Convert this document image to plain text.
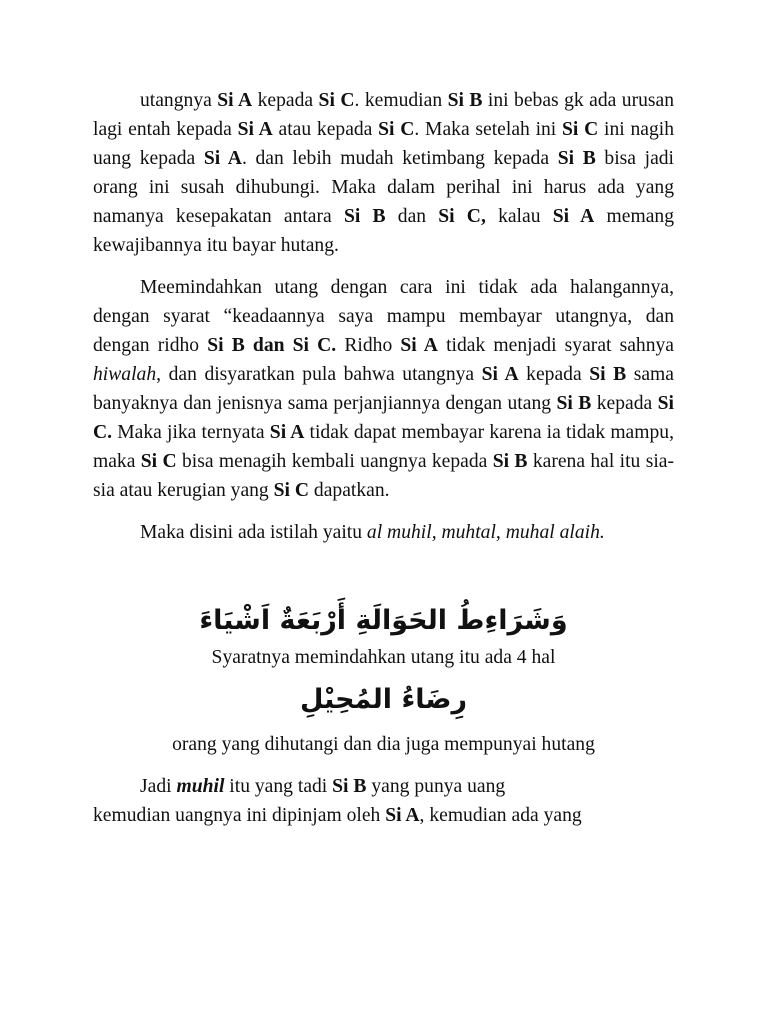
utangnya Si A kepada Si C. kemudian Si B ini bebas gk ada urusan lagi entah kepada Si A atau kepada Si C. Maka setelah ini Si C ini nagih uang kepada Si A. dan lebih mudah ketimbang kepada Si B bisa jadi orang ini susah dihubungi. Maka dalam perihal ini harus ada yang namanya kesepakatan antara Si B dan Si C, kalau Si A memang kewajibannya itu bayar hutang.

Meemindahkan utang dengan cara ini tidak ada halangannya, dengan syarat “keadaannya saya mampu membayar utangnya, dan dengan ridho Si B dan Si C. Ridho Si A tidak menjadi syarat sahnya hiwalah, dan disyaratkan pula bahwa utangnya Si A kepada Si B sama banyaknya dan jenisnya sama perjanjiannya dengan utang Si B kepada Si C. Maka jika ternyata Si A tidak dapat membayar karena ia tidak mampu, maka Si C bisa menagih kembali uangnya kepada Si B karena hal itu sia-sia atau kerugian yang Si C dapatkan.

Maka disini ada istilah yaitu al muhil, muhtal, muhal alaih.

وَشَرَاءِطُ الحَوَالَةِ أَرْبَعَةٌ اَشْيَاءَ
Syaratnya memindahkan utang itu ada 4 hal
رِضَاءُ المُحِيْلِ
orang yang dihutangi dan dia juga mempunyai hutang

Jadi muhil itu yang tadi Si B yang punya uang
kemudian uangnya ini dipinjam oleh Si A, kemudian ada yang
